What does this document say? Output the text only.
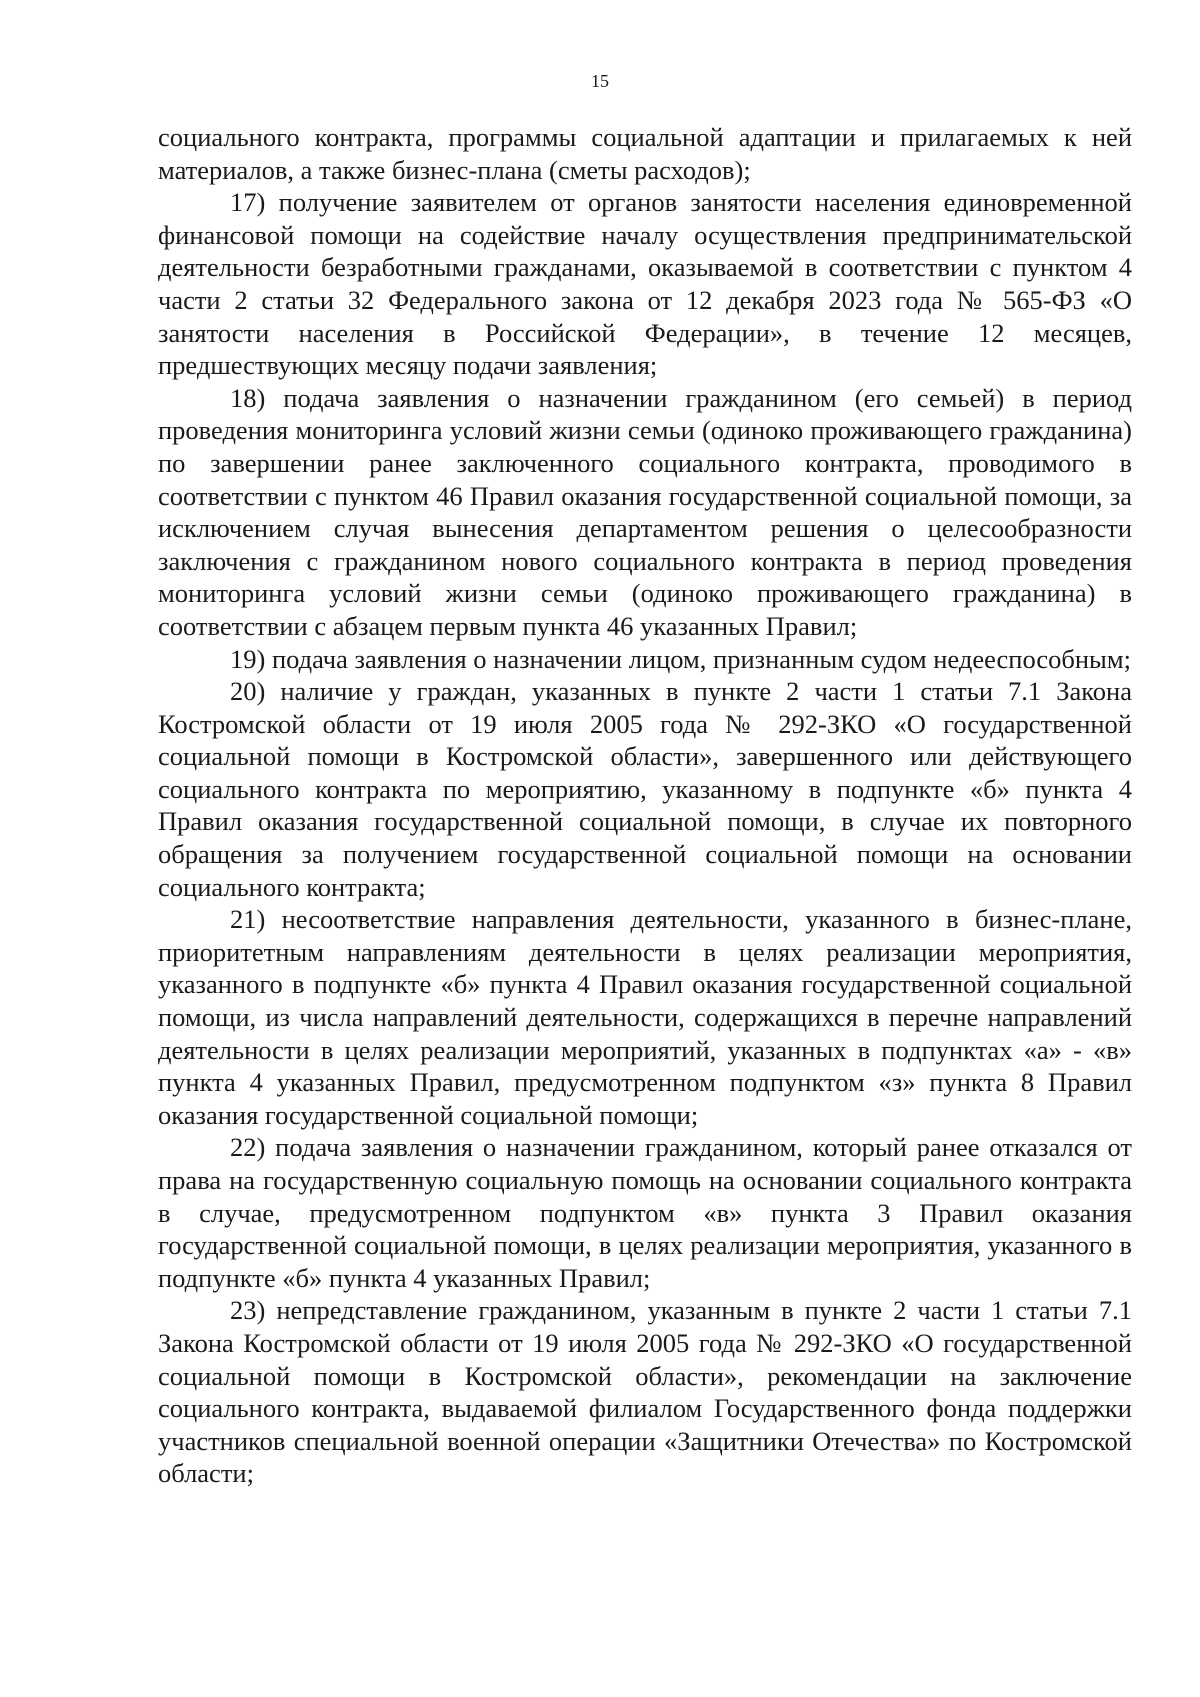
15

социального контракта, программы социальной адаптации и прилагаемых к ней материалов, а также бизнес-плана (сметы расходов);

17) получение заявителем от органов занятости населения единовременной финансовой помощи на содействие началу осуществления предпринимательской деятельности безработными гражданами, оказываемой в соответствии с пунктом 4 части 2 статьи 32 Федерального закона от 12 декабря 2023 года № 565-ФЗ «О занятости населения в Российской Федерации», в течение 12 месяцев, предшествующих месяцу подачи заявления;

18) подача заявления о назначении гражданином (его семьей) в период проведения мониторинга условий жизни семьи (одиноко проживающего гражданина) по завершении ранее заключенного социального контракта, проводимого в соответствии с пунктом 46 Правил оказания государственной социальной помощи, за исключением случая вынесения департаментом решения о целесообразности заключения с гражданином нового социального контракта в период проведения мониторинга условий жизни семьи (одиноко проживающего гражданина) в соответствии с абзацем первым пункта 46 указанных Правил;

19) подача заявления о назначении лицом, признанным судом недееспособным;

20) наличие у граждан, указанных в пункте 2 части 1 статьи 7.1 Закона Костромской области от 19 июля 2005 года № 292-ЗКО «О государственной социальной помощи в Костромской области», завершенного или действующего социального контракта по мероприятию, указанному в подпункте «б» пункта 4 Правил оказания государственной социальной помощи, в случае их повторного обращения за получением государственной социальной помощи на основании социального контракта;

21) несоответствие направления деятельности, указанного в бизнес-плане, приоритетным направлениям деятельности в целях реализации мероприятия, указанного в подпункте «б» пункта 4 Правил оказания государственной социальной помощи, из числа направлений деятельности, содержащихся в перечне направлений деятельности в целях реализации мероприятий, указанных в подпунктах «а» - «в» пункта 4 указанных Правил, предусмотренном подпунктом «з» пункта 8 Правил оказания государственной социальной помощи;

22) подача заявления о назначении гражданином, который ранее отказался от права на государственную социальную помощь на основании социального контракта в случае, предусмотренном подпунктом «в» пункта 3 Правил оказания государственной социальной помощи, в целях реализации мероприятия, указанного в подпункте «б» пункта 4 указанных Правил;

23) непредставление гражданином, указанным в пункте 2 части 1 статьи 7.1 Закона Костромской области от 19 июля 2005 года № 292-ЗКО «О государственной социальной помощи в Костромской области», рекомендации на заключение социального контракта, выдаваемой филиалом Государственного фонда поддержки участников специальной военной операции «Защитники Отечества» по Костромской области;
